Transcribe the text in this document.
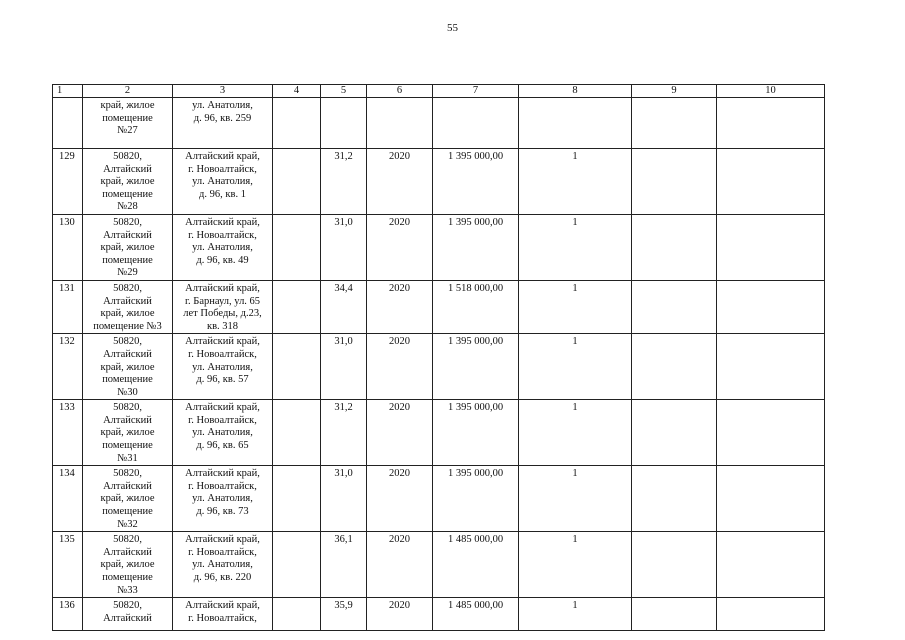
55
1	2	3	4	5	6	7	8	9	10

	край, жилое
помещение
№27	ул. Анатолия,
д. 96, кв. 259							

129	50820,
Алтайский
край, жилое
помещение
№28	Алтайский край,
г. Новоалтайск,
ул. Анатолия,
д. 96, кв. 1		31,2	2020	1 395 000,00	1		

130	50820,
Алтайский
край, жилое
помещение
№29	Алтайский край,
г. Новоалтайск,
ул. Анатолия,
д. 96, кв. 49		31,0	2020	1 395 000,00	1		

131	50820,
Алтайский
край, жилое
помещение №3	Алтайский край,
г. Барнаул, ул. 65
лет Победы, д.23,
кв. 318		34,4	2020	1 518 000,00	1		

132	50820,
Алтайский
край, жилое
помещение
№30	Алтайский край,
г. Новоалтайск,
ул. Анатолия,
д. 96, кв. 57		31,0	2020	1 395 000,00	1		

133	50820,
Алтайский
край, жилое
помещение
№31	Алтайский край,
г. Новоалтайск,
ул. Анатолия,
д. 96, кв. 65		31,2	2020	1 395 000,00	1		

134	50820,
Алтайский
край, жилое
помещение
№32	Алтайский край,
г. Новоалтайск,
ул. Анатолия,
д. 96, кв. 73		31,0	2020	1 395 000,00	1		

135	50820,
Алтайский
край, жилое
помещение
№33	Алтайский край,
г. Новоалтайск,
ул. Анатолия,
д. 96, кв. 220		36,1	2020	1 485 000,00	1		

136	50820,
Алтайский	Алтайский край,
г. Новоалтайск,		35,9	2020	1 485 000,00	1		
